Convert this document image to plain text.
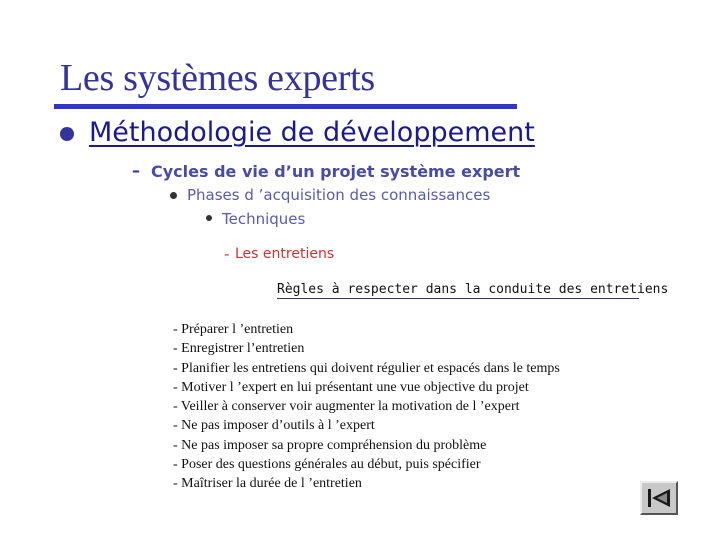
Les systèmes experts
Méthodologie de développement
– Cycles de vie d’un projet système expert
Phases d ’acquisition des connaissances
Techniques
- Les entretiens
Règles à respecter dans la conduite des entretiens
- Préparer l ’entretien
- Enregistrer l’entretien
- Planifier les entretiens qui doivent régulier et espacés dans le temps
- Motiver l ’expert en lui présentant une vue objective du projet
- Veiller à conserver voir augmenter la motivation de l ’expert
- Ne pas imposer d’outils à l ’expert
- Ne pas imposer sa propre compréhension du problème
- Poser des questions générales au début, puis spécifier
- Maîtriser la durée de l ’entretien
